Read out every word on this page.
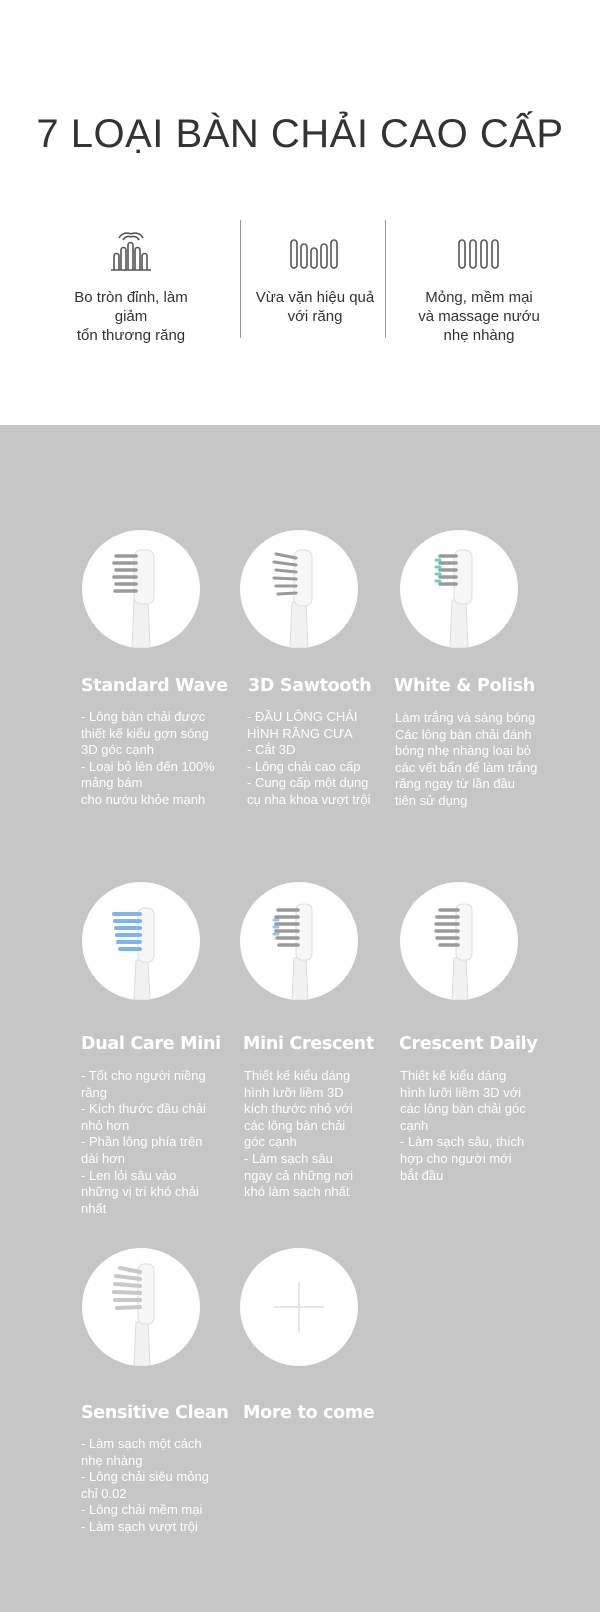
7 LOẠI BÀN CHẢI CAO CẤP
Bo tròn đỉnh, làm giảm
tổn thương răng
Vừa vặn hiệu quả
với răng
Mỏng, mềm mại
và massage nướu
nhẹ nhàng
Standard Wave
- Lông bàn chải được
thiết kế kiểu gợn sóng
3D góc cạnh
- Loại bỏ lên đến 100%
mảng bám
cho nướu khỏe mạnh
3D Sawtooth
- ĐẦU LÔNG CHẢI
HÌNH RĂNG CƯA
- Cắt 3D
- Lông chải cao cấp
- Cung cấp một dụng
cụ nha khoa vượt trội
White & Polish
Làm trắng và sáng bóng
Các lông bàn chải đánh
bóng nhẹ nhàng loại bỏ
các vết bẩn để làm trắng
răng ngay từ lần đầu
tiên sử dụng
Dual Care Mini
- Tốt cho người niềng
răng
- Kích thước đầu chải
nhỏ hơn
- Phần lông phía trên
dài hơn
- Len lỏi sâu vào
những vị trí khó chải
nhất
Mini Crescent
Thiết kế kiểu dáng
hình lưỡi liềm 3D
kích thước nhỏ với
các lông bàn chải
góc cạnh
- Làm sạch sâu
ngay cả những nơi
khó làm sạch nhất
Crescent Daily
Thiết kế kiểu dáng
hình lưỡi liềm 3D với
các lông bàn chải góc
cạnh
- Làm sạch sâu, thích
hợp cho người mới
bắt đầu
Sensitive Clean
- Làm sạch một cách
nhẹ nhàng
- Lông chải siêu mỏng
chỉ 0.02
- Lông chải mềm mại
- Làm sạch vượt trội
More to come
